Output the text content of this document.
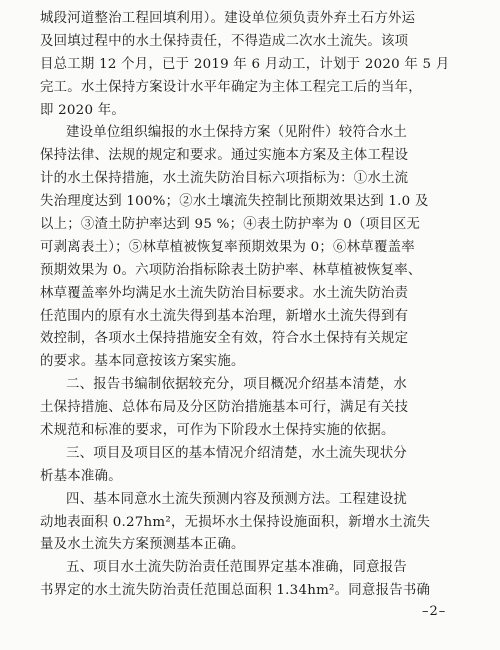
城段河道整治工程回填利用）。建设单位须负责外弃土石方外运
及回填过程中的水土保持责任，不得造成二次水土流失。该项
目总工期 12 个月，已于 2019 年 6 月动工，计划于 2020 年 5 月
完工。水土保持方案设计水平年确定为主体工程完工后的当年，
即 2020 年。
建设单位组织编报的水土保持方案（见附件）较符合水土
保持法律、法规的规定和要求。通过实施本方案及主体工程设
计的水土保持措施，水土流失防治目标六项指标为：①水土流
失治理度达到 100%；②水土壤流失控制比预期效果达到 1.0 及
以上；③渣土防护率达到 95 %；④表土防护率为 0（项目区无
可剥离表土）；⑤林草植被恢复率预期效果为 0；⑥林草覆盖率
预期效果为 0。六项防治指标除表土防护率、林草植被恢复率、
林草覆盖率外均满足水土流失防治目标要求。水土流失防治责
任范围内的原有水土流失得到基本治理，新增水土流失得到有
效控制，各项水土保持措施安全有效，符合水土保持有关规定
的要求。基本同意按该方案实施。
二、报告书编制依据较充分，项目概况介绍基本清楚，水
土保持措施、总体布局及分区防治措施基本可行，满足有关技
术规范和标准的要求，可作为下阶段水土保持实施的依据。
三、项目及项目区的基本情况介绍清楚，水土流失现状分
析基本准确。
四、基本同意水土流失预测内容及预测方法。工程建设扰
动地表面积 0.27hm²，无损坏水土保持设施面积，新增水土流失
量及水土流失方案预测基本正确。
五、项目水土流失防治责任范围界定基本准确，同意报告
书界定的水土流失防治责任范围总面积 1.34hm²。同意报告书确
–2–
